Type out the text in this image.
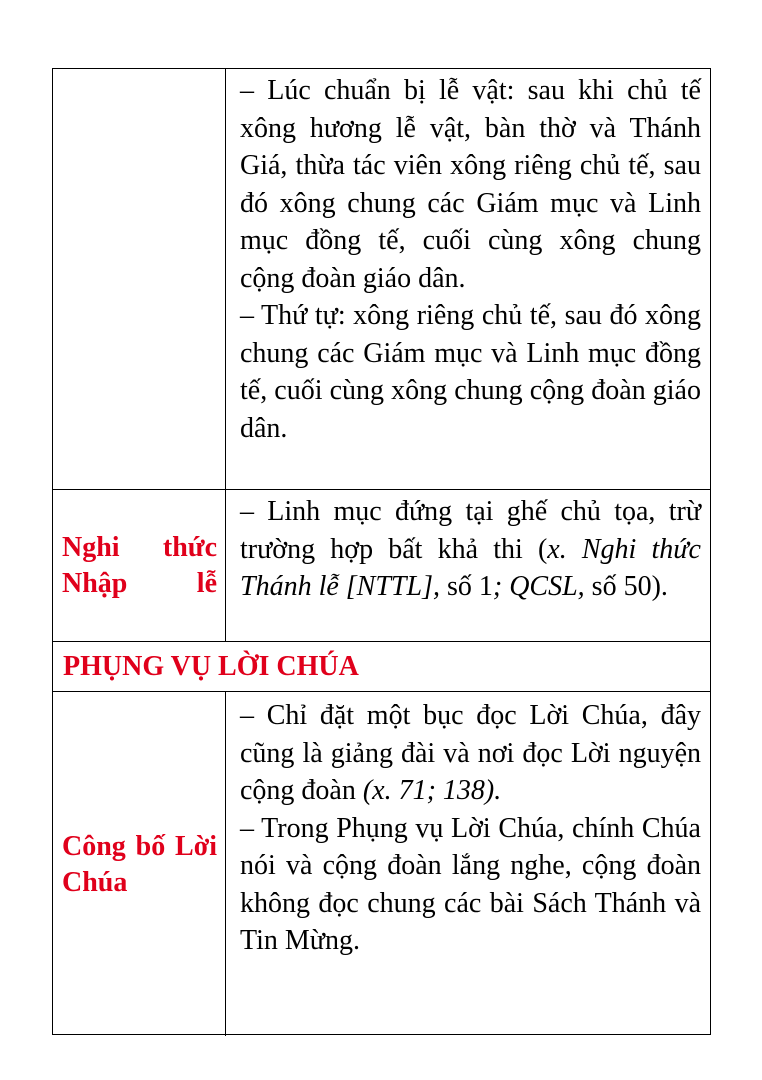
– Lúc chuẩn bị lễ vật: sau khi chủ tế xông hương lễ vật, bàn thờ và Thánh Giá, thừa tác viên xông riêng chủ tế, sau đó xông chung các Giám mục và Linh mục đồng tế, cuối cùng xông chung cộng đoàn giáo dân.

– Thứ tự: xông riêng chủ tế, sau đó xông chung các Giám mục và Linh mục đồng tế, cuối cùng xông chung cộng đoàn giáo dân.

Nghi thức Nhập lễ

– Linh mục đứng tại ghế chủ tọa, trừ trường hợp bất khả thi (x. Nghi thức Thánh lễ [NTTL], số 1; QCSL, số 50).

PHỤNG VỤ LỜI CHÚA
Công bố Lời Chúa

– Chỉ đặt một bục đọc Lời Chúa, đây cũng là giảng đài và nơi đọc Lời nguyện cộng đoàn (x. 71; 138).

– Trong Phụng vụ Lời Chúa, chính Chúa nói và cộng đoàn lắng nghe, cộng đoàn không đọc chung các bài Sách Thánh và Tin Mừng.
